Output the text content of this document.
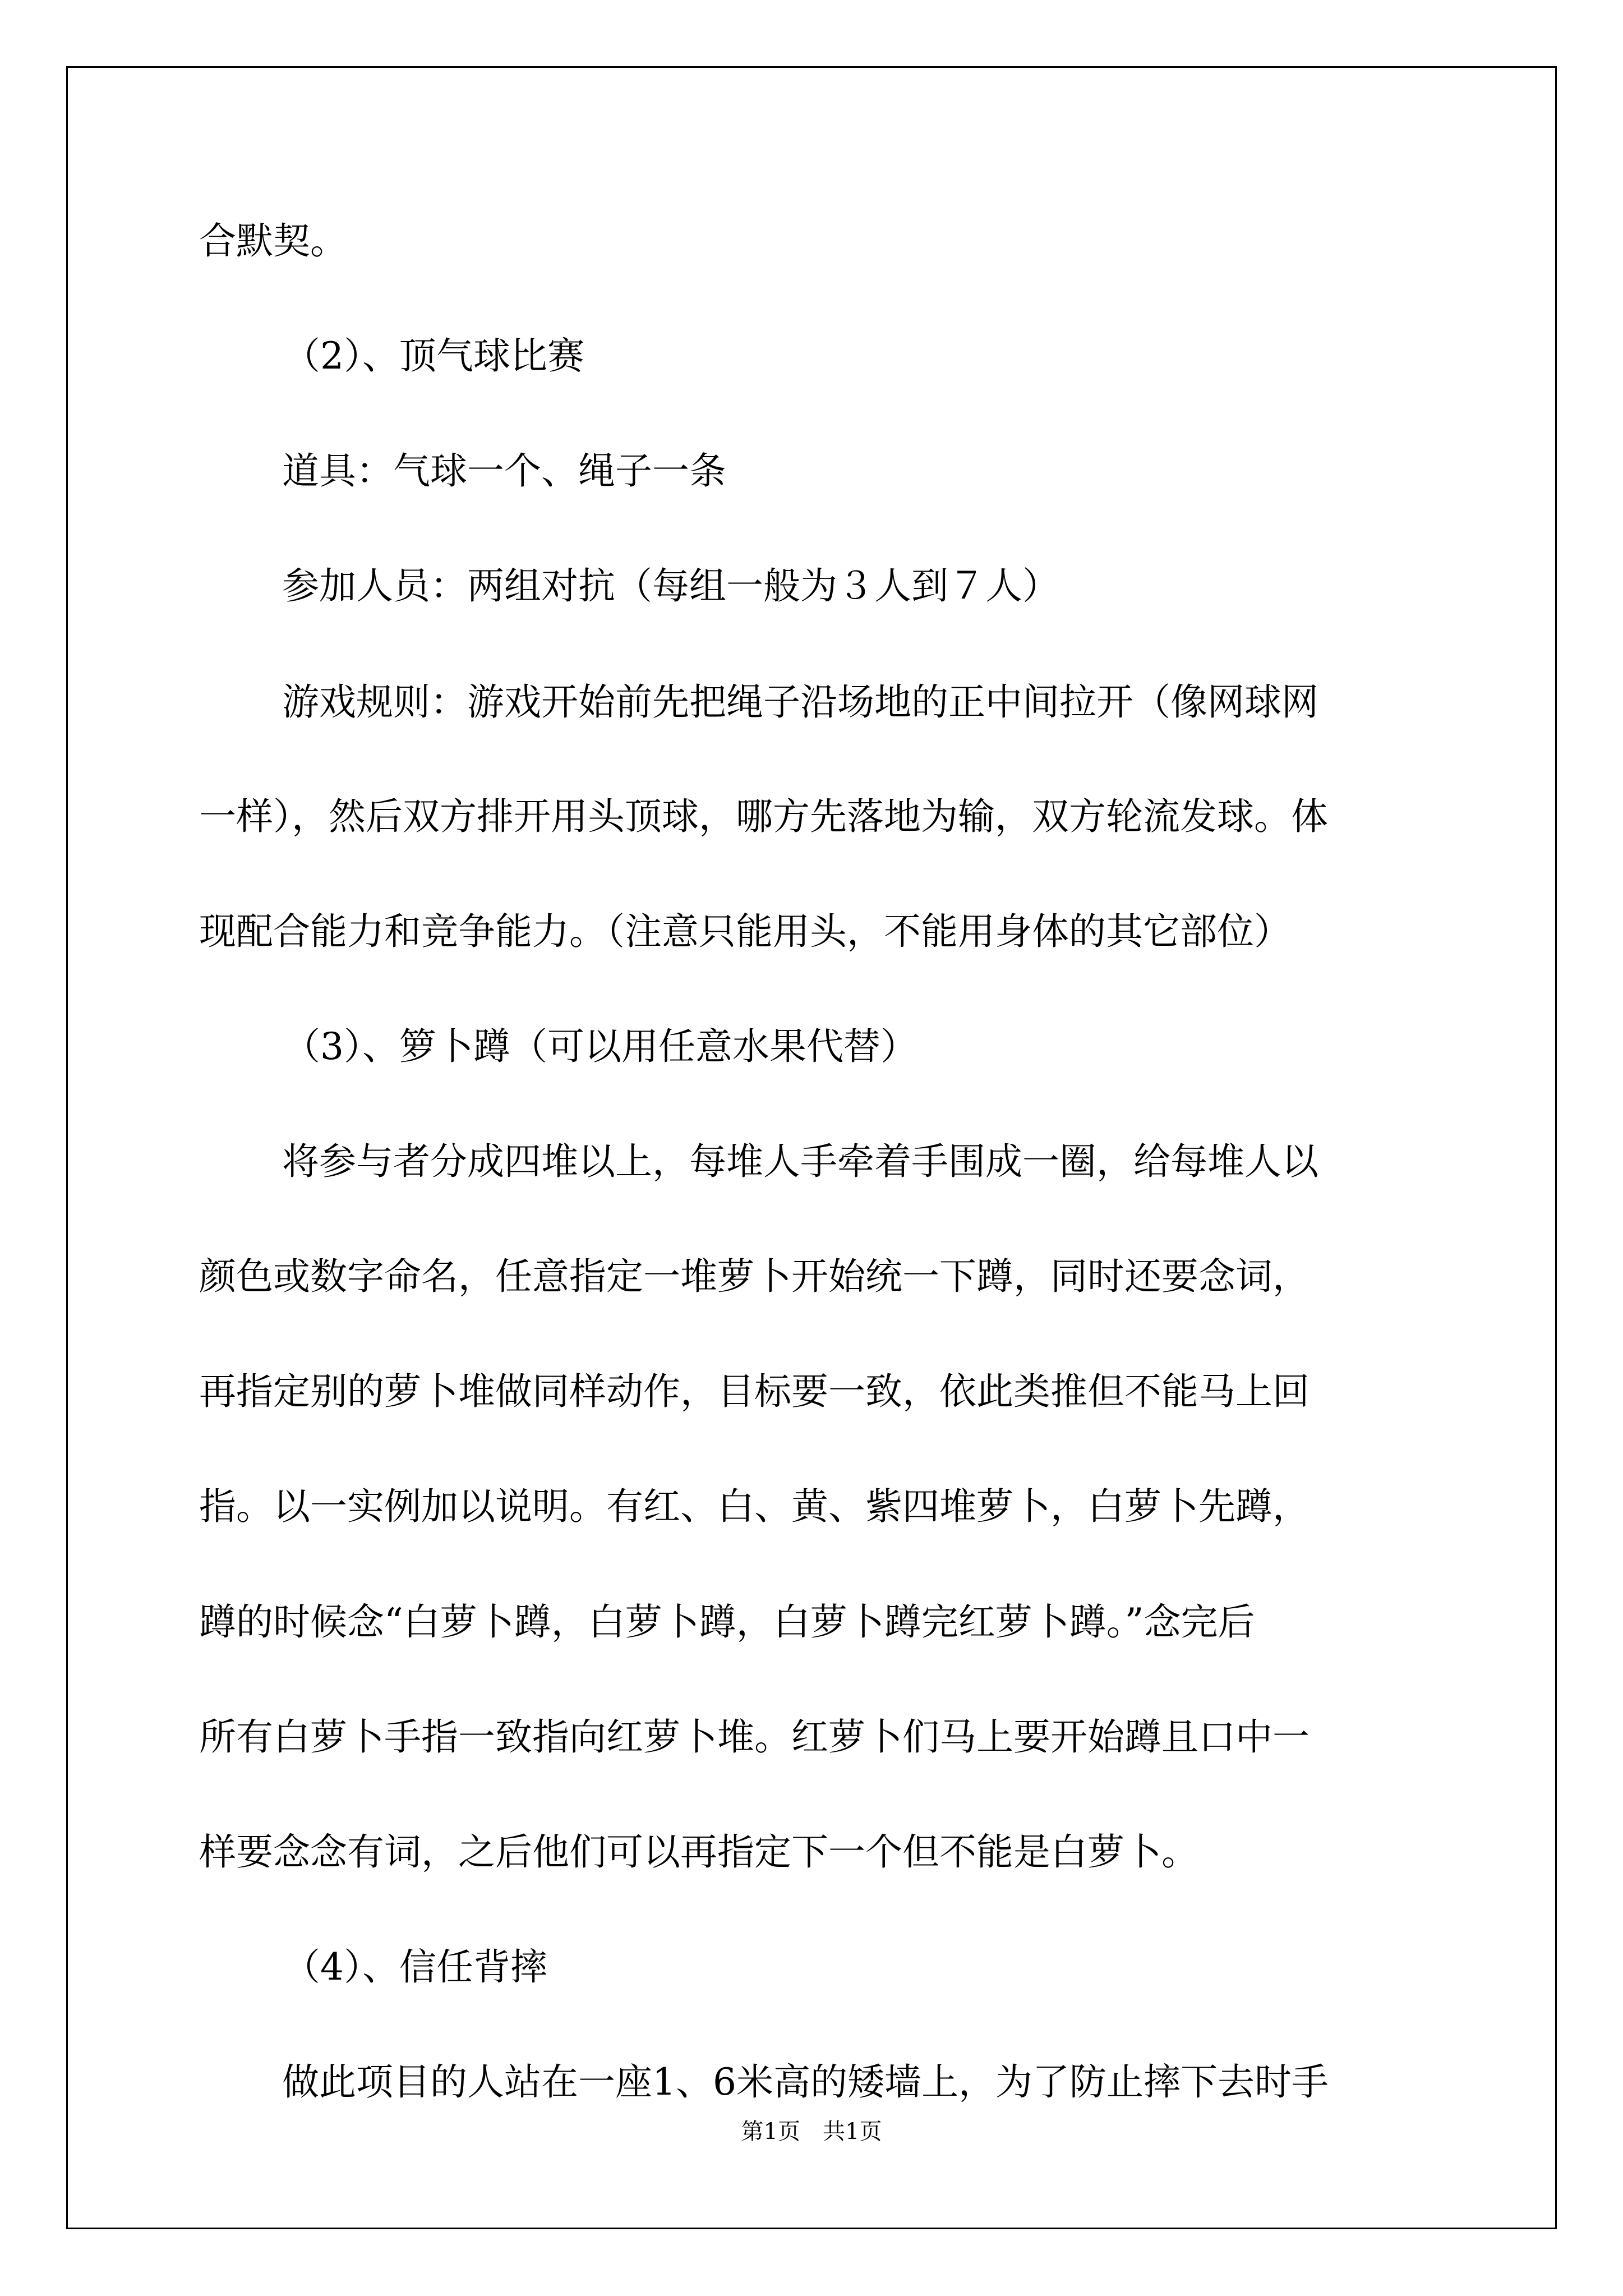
合默契。
（2）、顶气球比赛
道具：气球一个、绳子一条
参加人员：两组对抗（每组一般为３人到７人）
游戏规则：游戏开始前先把绳子沿场地的正中间拉开（像网球网
一样），然后双方排开用头顶球，哪方先落地为输，双方轮流发球。体
现配合能力和竞争能力。（注意只能用头，不能用身体的其它部位）
（3）、箩卜蹲（可以用任意水果代替）
将参与者分成四堆以上，每堆人手牵着手围成一圈，给每堆人以
颜色或数字命名，任意指定一堆萝卜开始统一下蹲，同时还要念词，
再指定别的萝卜堆做同样动作，目标要一致，依此类推但不能马上回
指。以一实例加以说明。有红、白、黄、紫四堆萝卜，白萝卜先蹲，
蹲的时候念“白萝卜蹲，白萝卜蹲，白萝卜蹲完红萝卜蹲。”念完后
所有白萝卜手指一致指向红萝卜堆。红萝卜们马上要开始蹲且口中一
样要念念有词，之后他们可以再指定下一个但不能是白萝卜。
（4）、信任背摔
做此项目的人站在一座1、6米高的矮墙上，为了防止摔下去时手
第1页　共1页
